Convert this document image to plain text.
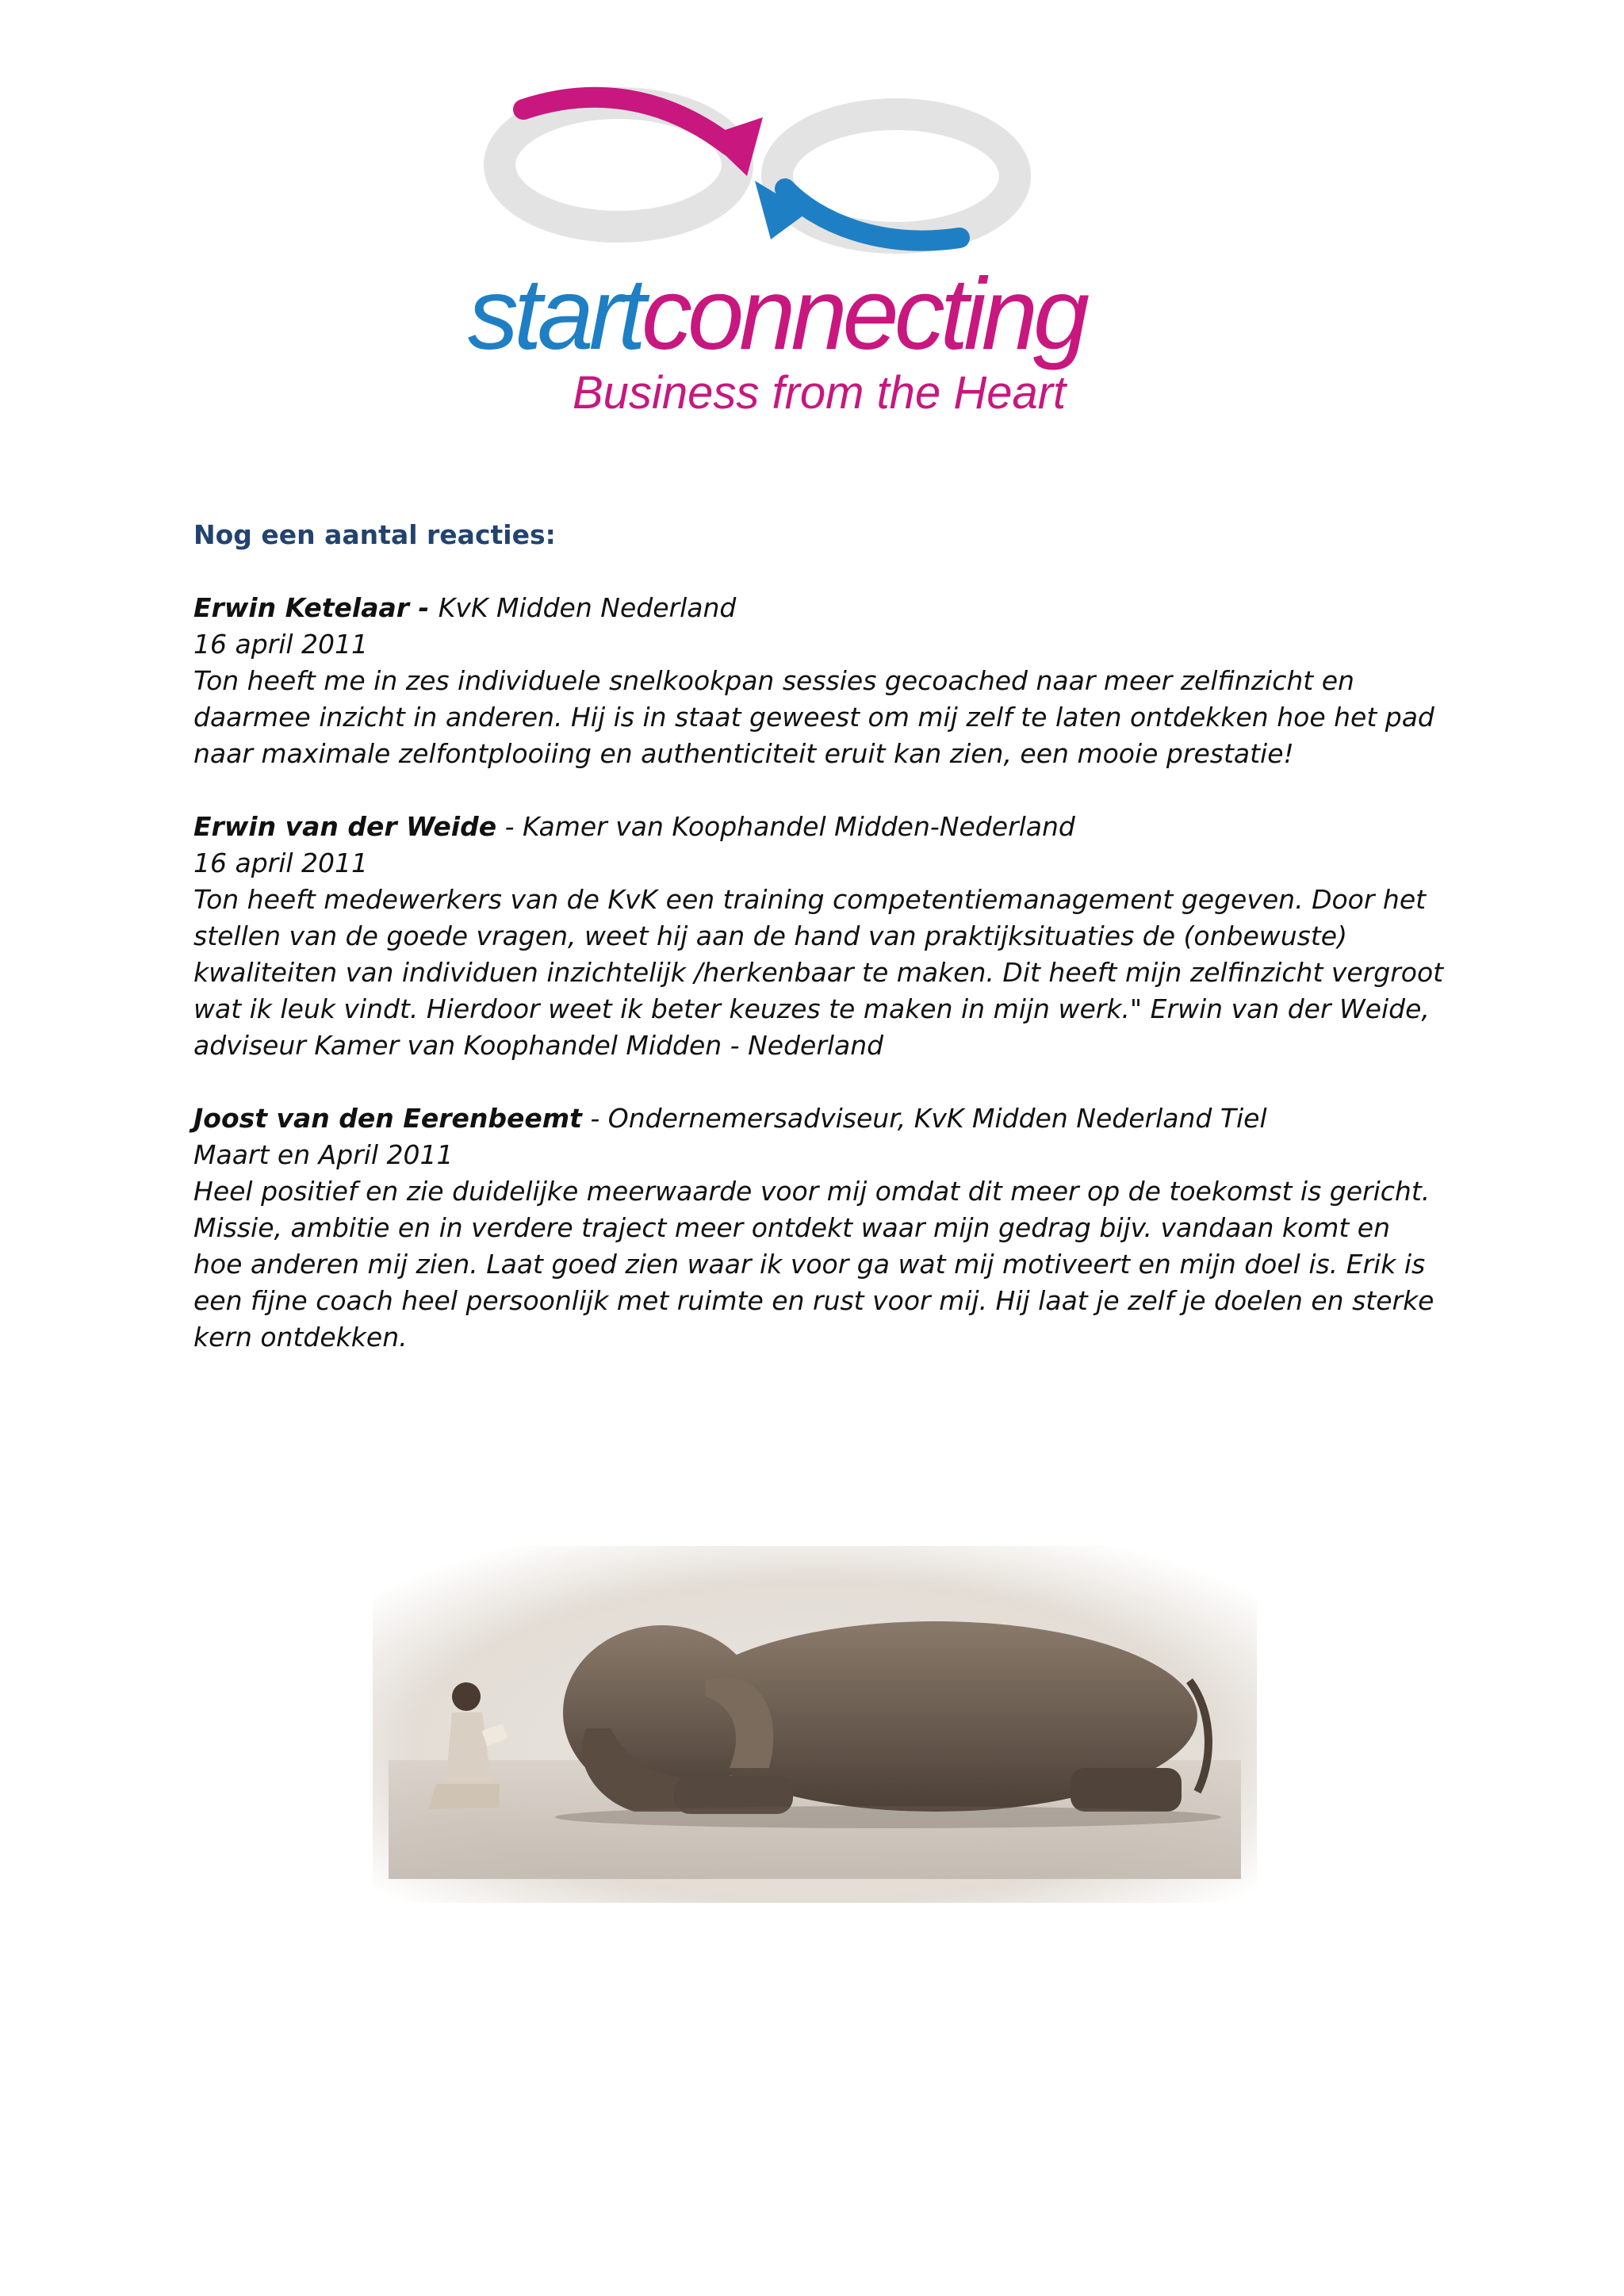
startconnecting
Business from the Heart

Nog een aantal reacties:

Erwin Ketelaar - KvK Midden Nederland

16 april 2011

Ton heeft me in zes individuele snelkookpan sessies gecoached naar meer zelfinzicht en daarmee inzicht in anderen. Hij is in staat geweest om mij zelf te laten ontdekken hoe het pad naar maximale zelfontplooiing en authenticiteit eruit kan zien, een mooie prestatie!

Erwin van der Weide - Kamer van Koophandel Midden-Nederland

16 april 2011

Ton heeft medewerkers van de KvK een training competentiemanagement gegeven. Door het stellen van de goede vragen, weet hij aan de hand van praktijksituaties de (onbewuste) kwaliteiten van individuen inzichtelijk /herkenbaar te maken. Dit heeft mijn zelfinzicht vergroot wat ik leuk vindt. Hierdoor weet ik beter keuzes te maken in mijn werk." Erwin van der Weide, adviseur Kamer van Koophandel Midden - Nederland

Joost van den Eerenbeemt - Ondernemersadviseur, KvK Midden Nederland Tiel

Maart en April 2011

Heel positief en zie duidelijke meerwaarde voor mij omdat dit meer op de toekomst is gericht. Missie, ambitie en in verdere traject meer ontdekt waar mijn gedrag bijv. vandaan komt en hoe anderen mij zien. Laat goed zien waar ik voor ga wat mij motiveert en mijn doel is. Erik is een fijne coach heel persoonlijk met ruimte en rust voor mij. Hij laat je zelf je doelen en sterke kern ontdekken.
